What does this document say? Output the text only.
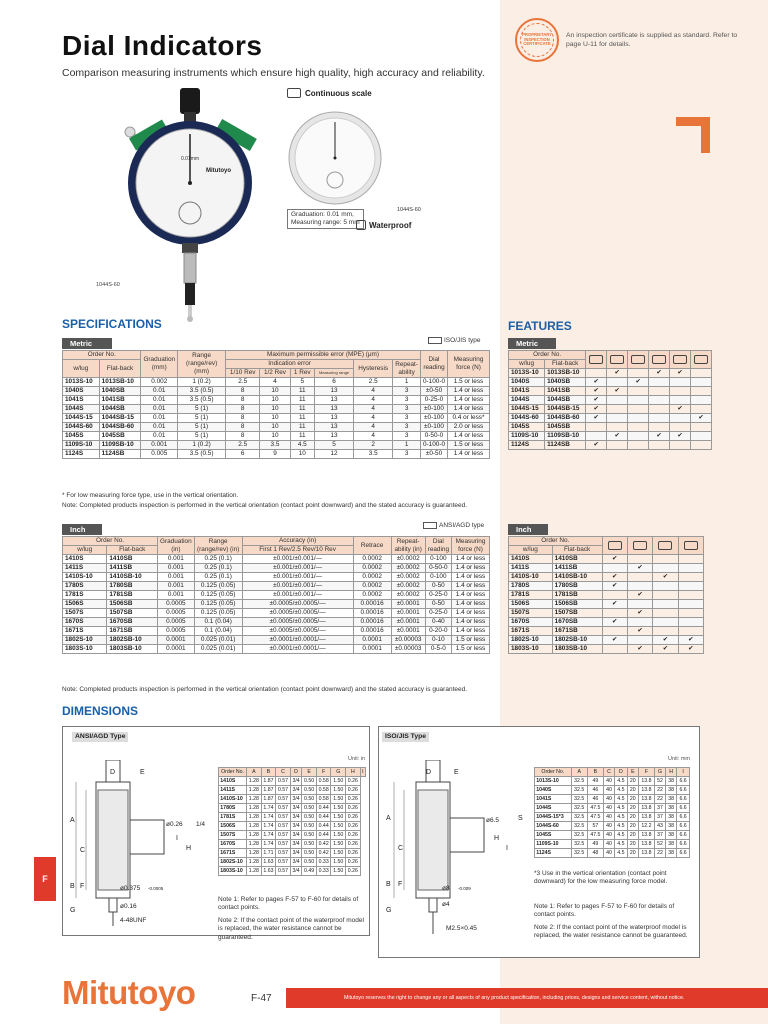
Dial Indicators
Comparison measuring instruments which ensure high quality, high accuracy and reliability.
PROPRIETARY INSPECTION CERTIFICATE
An inspection certificate is supplied as standard. Refer to page U-11 for details.
0.01mm
Mitutoyo
1044S-60
Continuous scale
1044S-60
Graduation: 0.01 mm,
Measuring range: 5 mm Waterproof
SPECIFICATIONS
Metric	ISO/JIS type
Order No.		Graduation (mm)	Range (range/rev) (mm)	Maximum permissible error (MPE) (μm)						Dial reading	Measuring force (N)
w/lug	Flat-back			Indication error				Hysteresis	Repeat-ability		
				1/10 Rev	1/2 Rev	1 Rev	Measuring range				
1013S-10	1013SB-10	0.002	1 (0.2)	2.5	4	5	6	2.5	1	0-100-0	1.5 or less
1040S	1040SB	0.01	3.5 (0.5)	8	10	11	13	4	3	±0-50	1.4 or less
1041S	1041SB	0.01	3.5 (0.5)	8	10	11	13	4	3	0-25-0	1.4 or less
1044S	1044SB	0.01	5 (1)	8	10	11	13	4	3	±0-100	1.4 or less
1044S-15	1044SB-15	0.01	5 (1)	8	10	11	13	4	3	±0-100	0.4 or less*
1044S-60	1044SB-60	0.01	5 (1)	8	10	11	13	4	3	±0-100	2.0 or less
1045S	1045SB	0.01	5 (1)	8	10	11	13	4	3	0-50-0	1.4 or less
1109S-10	1109SB-10	0.001	1 (0.2)	2.5	3.5	4.5	5	2	1	0-100-0	1.5 or less
1124S	1124SB	0.005	3.5 (0.5)	6	9	10	12	3.5	3	±0-50	1.4 or less
* For low measuring force type, use in the vertical orientation.
Note: Completed products inspection is performed in the vertical orientation (contact point downward) and the stated accuracy is guaranteed.
Inch	ANSI/AGD type
Order No.		Graduation (in)	Range (range/rev) (in)	Accuracy (in)	Retrace	Repeat-ability (in)	Dial reading	Measuring force (N)
w/lug	Flat-back			First 1 Rev/2.5 Rev/10 Rev				
1410S	1410SB	0.001	0.25 (0.1)	±0.001/±0.001/—	0.0002	±0.0002	0-100	1.4 or less
1411S	1411SB	0.001	0.25 (0.1)	±0.001/±0.001/—	0.0002	±0.0002	0-50-0	1.4 or less
1410S-10	1410SB-10	0.001	0.25 (0.1)	±0.001/±0.001/—	0.0002	±0.0002	0-100	1.4 or less
1780S	1780SB	0.001	0.125 (0.05)	±0.001/±0.001/—	0.0002	±0.0002	0-50	1.4 or less
1781S	1781SB	0.001	0.125 (0.05)	±0.001/±0.001/—	0.0002	±0.0002	0-25-0	1.4 or less
1506S	1506SB	0.0005	0.125 (0.05)	±0.0005/±0.0005/—	0.00016	±0.0001	0-50	1.4 or less
1507S	1507SB	0.0005	0.125 (0.05)	±0.0005/±0.0005/—	0.00016	±0.0001	0-25-0	1.4 or less
1670S	1670SB	0.0005	0.1 (0.04)	±0.0005/±0.0005/—	0.00016	±0.0001	0-40	1.4 or less
1671S	1671SB	0.0005	0.1 (0.04)	±0.0005/±0.0005/—	0.00016	±0.0001	0-20-0	1.4 or less
1802S-10	1802SB-10	0.0001	0.025 (0.01)	±0.0001/±0.0001/—	0.0001	±0.00003	0-10	1.5 or less
1803S-10	1803SB-10	0.0001	0.025 (0.01)	±0.0001/±0.0001/—	0.0001	±0.00003	0-5-0	1.5 or less
Note: Completed products inspection is performed in the vertical orientation (contact point downward) and the stated accuracy is guaranteed.
FEATURES
Metric
Order No.							
w/lug	Flat-back						
1013S-10	1013SB-10		✔		✔	✔	
1040S	1040SB	✔		✔			
1041S	1041SB	✔	✔				
1044S	1044SB	✔					
1044S-15	1044SB-15	✔				✔	
1044S-60	1044SB-60	✔					✔
1045S	1045SB						
1109S-10	1109SB-10		✔		✔	✔	
1124S	1124SB	✔					
Inch
Order No.					
w/lug	Flat-back				
1410S	1410SB	✔			
1411S	1411SB		✔		
1410S-10	1410SB-10	✔		✔	
1780S	1780SB	✔			
1781S	1781SB		✔		
1506S	1506SB	✔			
1507S	1507SB		✔		
1670S	1670SB	✔			
1671S	1671SB		✔		
1802S-10	1802SB-10	✔		✔	✔
1803S-10	1803SB-10		✔	✔	✔
DIMENSIONS
ANSI/AGD Type
Unit: in
D	E
A
C
B F
G
I
H
ø0.26 1/4
ø0.375 -0.0005
ø0.16
4-48UNF
Order No.	A	B	C	D	E	F	G	H	I
1410S	1.28	1.87	0.57	3/4	0.50	0.58	1.50	0.26	
1411S	1.28	1.87	0.57	3/4	0.50	0.58	1.50	0.26	
1410S-10	1.28	1.87	0.57	3/4	0.50	0.58	1.50	0.26	
1780S	1.28	1.74	0.57	3/4	0.50	0.44	1.50	0.26	
1781S	1.28	1.74	0.57	3/4	0.50	0.44	1.50	0.26	
1506S	1.28	1.74	0.57	3/4	0.50	0.44	1.50	0.26	
1507S	1.28	1.74	0.57	3/4	0.50	0.44	1.50	0.26	
1670S	1.28	1.74	0.57	3/4	0.50	0.42	1.50	0.26	
1671S	1.28	1.71	0.57	3/4	0.50	0.42	1.50	0.26	
1802S-10	1.28	1.63	0.57	3/4	0.50	0.33	1.50	0.26	
1803S-10	1.28	1.63	0.57	3/4	0.49	0.33	1.50	0.26	
Note 1: Refer to pages F-57 to F-60 for details of contact points.
Note 2: If the contact point of the waterproof model is replaced, the water resistance cannot be guaranteed.
ISO/JIS Type
Unit: mm
D	E
A
C
B F
G
S
H
I
ø6.5
ø8 -0.009
ø4
M2.5×0.45
Order No.	A	B	C	D	E	F	G	H	I
1013S-10	32.5	49	40	4.5	20	13.8	52	38	6.6
1040S	32.5	46	40	4.5	20	13.8	22	38	6.6
1041S	32.5	46	40	4.5	20	13.8	22	38	6.6
1044S	32.5	47.5	40	4.5	20	13.8	37	38	6.6
1044S-15*3	32.5	47.5	40	4.5	20	13.8	37	38	6.6
1044S-60	32.5	57	40	4.5	20	12.2	43	38	6.6
1045S	32.5	47.5	40	4.5	20	13.8	37	38	6.6
1109S-10	32.5	49	40	4.5	20	13.8	52	38	6.6
1124S	32.5	48	40	4.5	20	13.8	22	38	6.6
*3 Use in the vertical orientation (contact point downward) for the low measuring force model.
Note 1: Refer to pages F-57 to F-60 for details of contact points.
Note 2: If the contact point of the waterproof model is replaced, the water resistance cannot be guaranteed.
F
Mitutoyo	F-47	Mitutoyo reserves the right to change any or all aspects of any product specification, including prices, designs and service content, without notice.
